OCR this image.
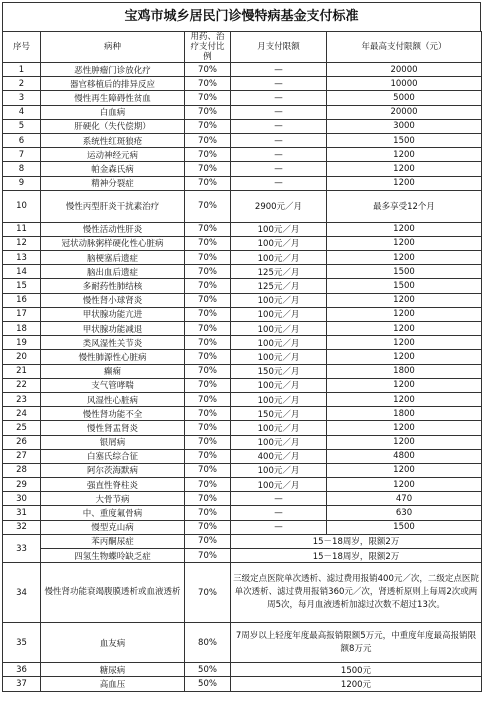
宝鸡市城乡居民门诊慢特病基金支付标准
序号	病种	用药、治疗支付比例	月支付限额	年最高支付限额（元）
1	恶性肿瘤门诊放化疗	70%	—	20000
2	器官移植后的排异反应	70%	—	10000
3	慢性再生障碍性贫血	70%	—	5000
4	白血病	70%	—	20000
5	肝硬化（失代偿期）	70%	—	3000
6	系统性红斑狼疮	70%	—	1500
7	运动神经元病	70%	—	1200
8	帕金森氏病	70%	—	1200
9	精神分裂症	70%	—	1200
10	慢性丙型肝炎干扰素治疗	70%	2900元／月	最多享受12个月
11	慢性活动性肝炎	70%	100元／月	1200
12	冠状动脉粥样硬化性心脏病	70%	100元／月	1200
13	脑梗塞后遗症	70%	100元／月	1200
14	脑出血后遗症	70%	125元／月	1500
15	多耐药性肺结核	70%	125元／月	1500
16	慢性肾小球肾炎	70%	100元／月	1200
17	甲状腺功能亢进	70%	100元／月	1200
18	甲状腺功能减退	70%	100元／月	1200
19	类风湿性关节炎	70%	100元／月	1200
20	慢性肺源性心脏病	70%	100元／月	1200
21	癫痫	70%	150元／月	1800
22	支气管哮喘	70%	100元／月	1200
23	风湿性心脏病	70%	100元／月	1200
24	慢性肾功能不全	70%	150元／月	1800
25	慢性肾盂肾炎	70%	100元／月	1200
26	银屑病	70%	100元／月	1200
27	白塞氏综合征	70%	400元／月	4800
28	阿尔茨海默病	70%	100元／月	1200
29	强直性脊柱炎	70%	100元／月	1200
30	大骨节病	70%	—	470
31	中、重度氟骨病	70%	—	630
32	慢型克山病	70%	—	1500
33	苯丙酮尿症	70%	15－18周岁，限额2万	
	四氢生物蝶呤缺乏症	70%	15－18周岁，限额2万	
34	慢性肾功能衰竭腹膜透析或血液透析	70%	三级定点医院单次透析、滤过费用报销400元／次，二级定点医院单次透析、滤过费用报销360元／次，肾透析原则上每周2次或两周5次，每月血液透析加滤过次数不超过13次。	
35	血友病	80%	7周岁以上轻度年度最高报销限额5万元，中重度年度最高报销限额8万元	
36	糖尿病	50%	1500元	
37	高血压	50%	1200元	
